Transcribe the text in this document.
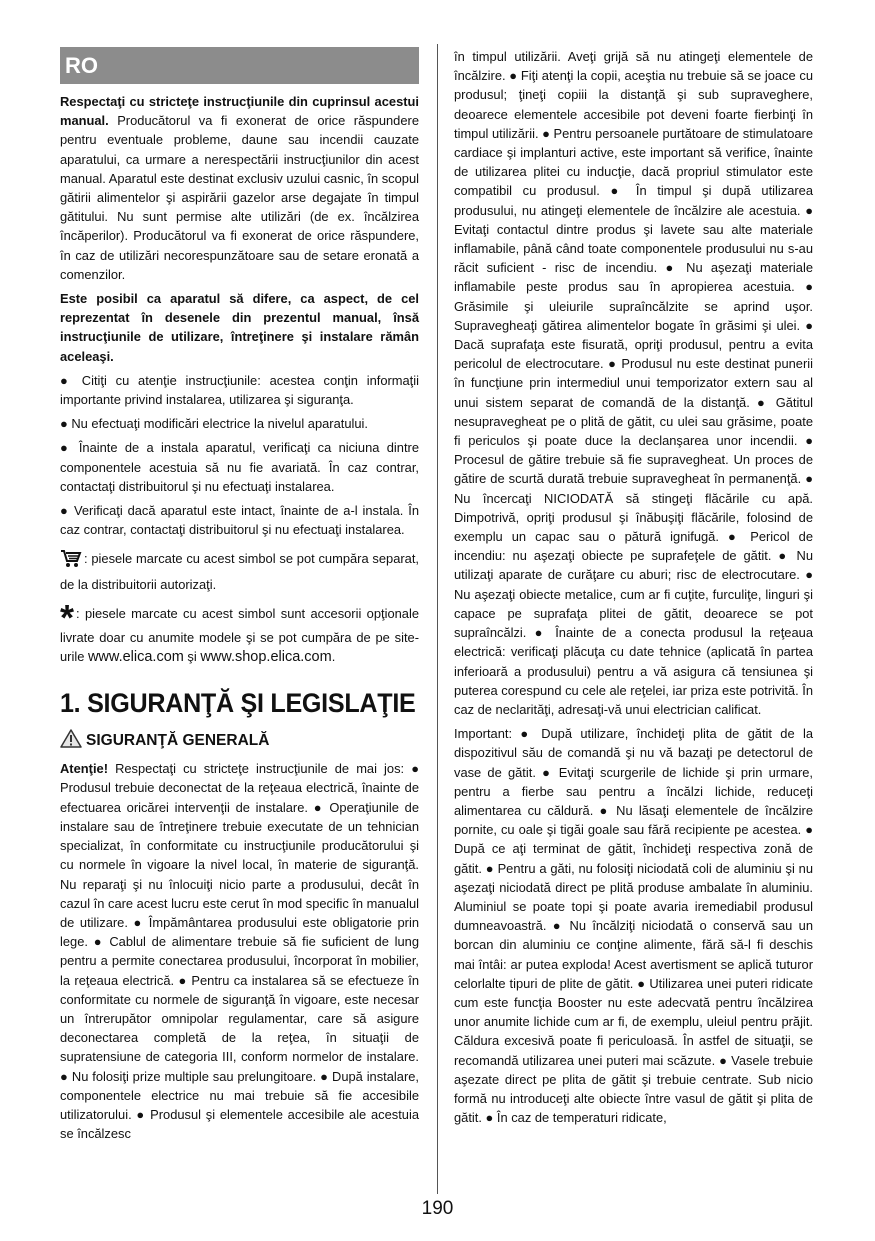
RO

Respectaţi cu stricteţe instrucţiunile din cuprinsul acestui manual. Producătorul va fi exonerat de orice răspundere pentru eventuale probleme, daune sau incendii cauzate aparatului, ca urmare a nerespectării instrucţiunilor din acest manual. Aparatul este destinat exclusiv uzului casnic, în scopul gătirii alimentelor şi aspirării gazelor arse degajate în timpul gătitului. Nu sunt permise alte utilizări (de ex. încălzirea încăperilor). Producătorul va fi exonerat de orice răspundere, în caz de utilizări necorespunzătoare sau de setare eronată a comenzilor.

Este posibil ca aparatul să difere, ca aspect, de cel reprezentat în desenele din prezentul manual, însă instrucţiunile de utilizare, întreţinere şi instalare rămân aceleaşi.

● Citiţi cu atenţie instrucţiunile: acestea conţin informaţii importante privind instalarea, utilizarea şi siguranţa.

● Nu efectuaţi modificări electrice la nivelul aparatului.

● Înainte de a instala aparatul, verificaţi ca niciuna dintre componentele acestuia să nu fie avariată. În caz contrar, contactaţi distribuitorul şi nu efectuaţi instalarea.

● Verificaţi dacă aparatul este intact, înainte de a-l instala. În caz contrar, contactaţi distribuitorul şi nu efectuaţi instalarea.

: piesele marcate cu acest simbol se pot cumpăra separat, de la distribuitorii autorizaţi.

* : piesele marcate cu acest simbol sunt accesorii opţionale livrate doar cu anumite modele şi se pot cumpăra de pe site-urile www.elica.com şi www.shop.elica.com.

1. SIGURANŢĂ ŞI LEGISLAŢIE

SIGURANŢĂ GENERALĂ

Atenţie! Respectaţi cu stricteţe instrucţiunile de mai jos: ● Produsul trebuie deconectat de la reţeaua electrică, înainte de efectuarea oricărei intervenţii de instalare. ● Operaţiunile de instalare sau de întreţinere trebuie executate de un tehnician specializat, în conformitate cu instrucţiunile producătorului şi cu normele în vigoare la nivel local, în materie de siguranţă. Nu reparaţi şi nu înlocuiţi nicio parte a produsului, decât în cazul în care acest lucru este cerut în mod specific în manualul de utilizare. ● Împământarea produsului este obligatorie prin lege. ● Cablul de alimentare trebuie să fie suficient de lung pentru a permite conectarea produsului, încorporat în mobilier, la reţeaua electrică. ● Pentru ca instalarea să se efectueze în conformitate cu normele de siguranţă în vigoare, este necesar un întrerupător omnipolar regulamentar, care să asigure deconectarea completă de la reţea, în situaţii de supratensiune de categoria III, conform normelor de instalare. ● Nu folosiţi prize multiple sau prelungitoare. ● După instalare, componentele electrice nu mai trebuie să fie accesibile utilizatorului. ● Produsul şi elementele accesibile ale acestuia se încălzesc

în timpul utilizării. Aveţi grijă să nu atingeţi elementele de încălzire. ● Fiţi atenţi la copii, aceştia nu trebuie să se joace cu produsul; ţineţi copiii la distanţă şi sub supraveghere, deoarece elementele accesibile pot deveni foarte fierbinţi în timpul utilizării. ● Pentru persoanele purtătoare de stimulatoare cardiace şi implanturi active, este important să verifice, înainte de utilizarea plitei cu inducţie, dacă propriul stimulator este compatibil cu produsul. ● În timpul şi după utilizarea produsului, nu atingeţi elementele de încălzire ale acestuia. ● Evitaţi contactul dintre produs şi lavete sau alte materiale inflamabile, până când toate componentele produsului nu s-au răcit suficient - risc de incendiu. ● Nu aşezaţi materiale inflamabile peste produs sau în apropierea acestuia. ● Grăsimile şi uleiurile supraîncălzite se aprind uşor. Supravegheaţi gătirea alimentelor bogate în grăsimi şi ulei. ● Dacă suprafaţa este fisurată, opriţi produsul, pentru a evita pericolul de electrocutare. ● Produsul nu este destinat punerii în funcţiune prin intermediul unui temporizator extern sau al unui sistem separat de comandă de la distanţă. ● Gătitul nesupravegheat pe o plită de gătit, cu ulei sau grăsime, poate fi periculos şi poate duce la declanşarea unor incendii. ● Procesul de gătire trebuie să fie supravegheat. Un proces de gătire de scurtă durată trebuie supravegheat în permanenţă. ● Nu încercaţi NICIODATĂ să stingeţi flăcările cu apă. Dimpotrivă, opriţi produsul şi înăbuşiţi flăcările, folosind de exemplu un capac sau o pătură ignifugă. ● Pericol de incendiu: nu aşezaţi obiecte pe suprafeţele de gătit. ● Nu utilizaţi aparate de curăţare cu aburi; risc de electrocutare. ● Nu aşezaţi obiecte metalice, cum ar fi cuţite, furculiţe, linguri şi capace pe suprafaţa plitei de gătit, deoarece se pot supraîncălzi. ● Înainte de a conecta produsul la reţeaua electrică: verificaţi plăcuţa cu date tehnice (aplicată în partea inferioară a produsului) pentru a vă asigura că tensiunea şi puterea corespund cu cele ale reţelei, iar priza este potrivită. În caz de neclarităţi, adresaţi-vă unui electrician calificat.

Important: ● După utilizare, închideţi plita de gătit de la dispozitivul său de comandă şi nu vă bazaţi pe detectorul de vase de gătit. ● Evitaţi scurgerile de lichide şi prin urmare, pentru a fierbe sau pentru a încălzi lichide, reduceţi alimentarea cu căldură. ● Nu lăsaţi elementele de încălzire pornite, cu oale şi tigăi goale sau fără recipiente pe acestea. ● După ce aţi terminat de gătit, închideţi respectiva zonă de gătit. ● Pentru a găti, nu folosiţi niciodată coli de aluminiu şi nu aşezaţi niciodată direct pe plită produse ambalate în aluminiu. Aluminiul se poate topi şi poate avaria iremediabil produsul dumneavoastră. ● Nu încălziţi niciodată o conservă sau un borcan din aluminiu ce conţine alimente, fără să-l fi deschis mai întâi: ar putea exploda! Acest avertisment se aplică tuturor celorlalte tipuri de plite de gătit. ● Utilizarea unei puteri ridicate cum este funcţia Booster nu este adecvată pentru încălzirea unor anumite lichide cum ar fi, de exemplu, uleiul pentru prăjit. Căldura excesivă poate fi periculoasă. În astfel de situaţii, se recomandă utilizarea unei puteri mai scăzute. ● Vasele trebuie aşezate direct pe plita de gătit şi trebuie centrate. Sub nicio formă nu introduceţi alte obiecte între vasul de gătit şi plita de gătit. ● În caz de temperaturi ridicate,

190
